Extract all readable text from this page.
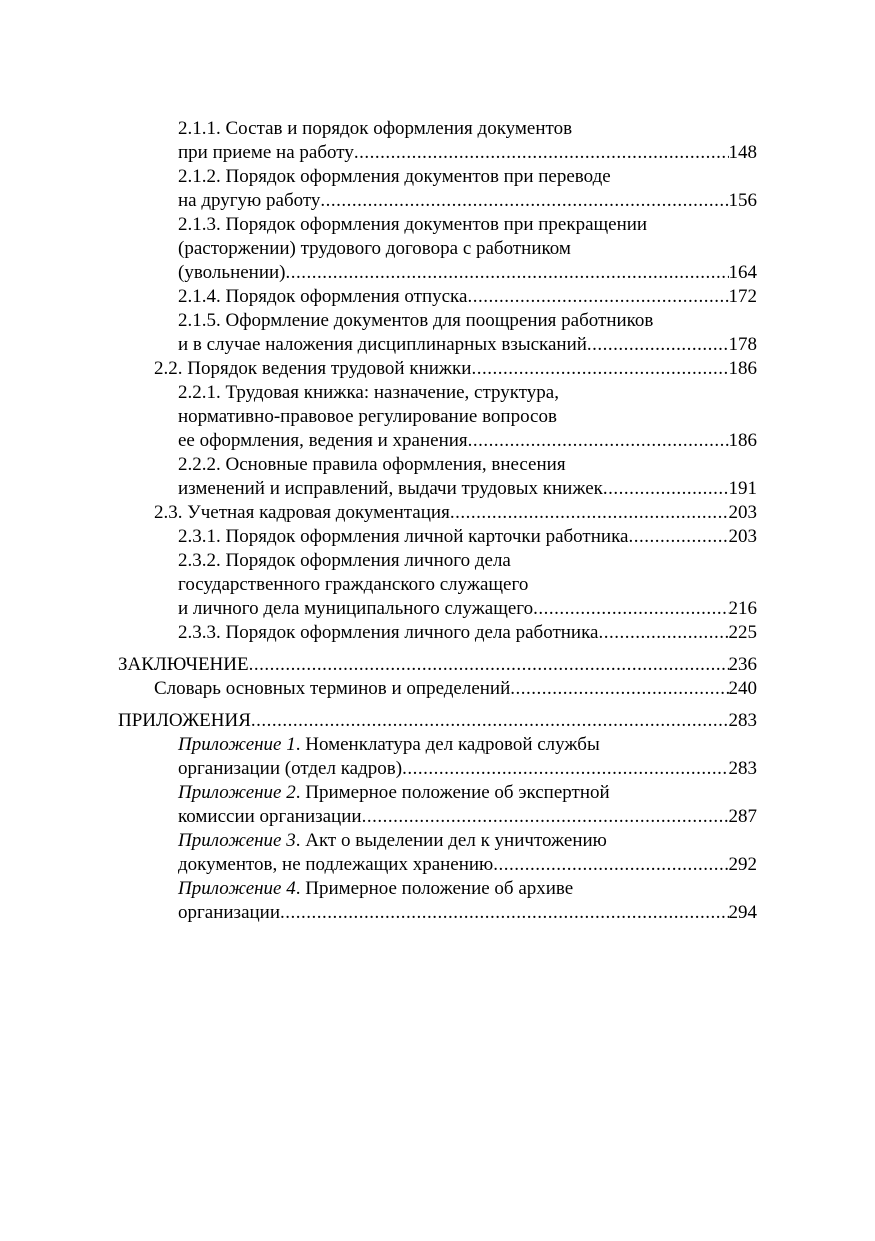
2.1.1. Состав и порядок оформления документов
при приеме на работу .....	148
2.1.2. Порядок оформления документов при переводе
на другую работу .....	156
2.1.3. Порядок оформления документов при прекращении
(расторжении) трудового договора с работником
(увольнении) .....	164
2.1.4. Порядок оформления отпуска .....	172
2.1.5. Оформление документов для поощрения работников
и в случае наложения дисциплинарных взысканий .....	178
2.2. Порядок ведения трудовой книжки .....	186
2.2.1. Трудовая книжка: назначение, структура,
нормативно-правовое регулирование вопросов
ее оформления, ведения и хранения .....	186
2.2.2. Основные правила оформления, внесения
изменений и исправлений, выдачи трудовых книжек .....	191
2.3. Учетная кадровая документация .....	203
2.3.1. Порядок оформления личной карточки работника .....	203
2.3.2. Порядок оформления личного дела
государственного гражданского служащего
и личного дела муниципального служащего .....	216
2.3.3. Порядок оформления личного дела работника .....	225
ЗАКЛЮЧЕНИЕ .....	236
Словарь основных терминов и определений .....	240
ПРИЛОЖЕНИЯ .....	283
Приложение 1. Номенклатура дел кадровой службы
организации (отдел кадров) .....	283
Приложение 2. Примерное положение об экспертной
комиссии организации .....	287
Приложение 3. Акт о выделении дел к уничтожению
документов, не подлежащих хранению .....	292
Приложение 4. Примерное положение об архиве
организации .....	294
